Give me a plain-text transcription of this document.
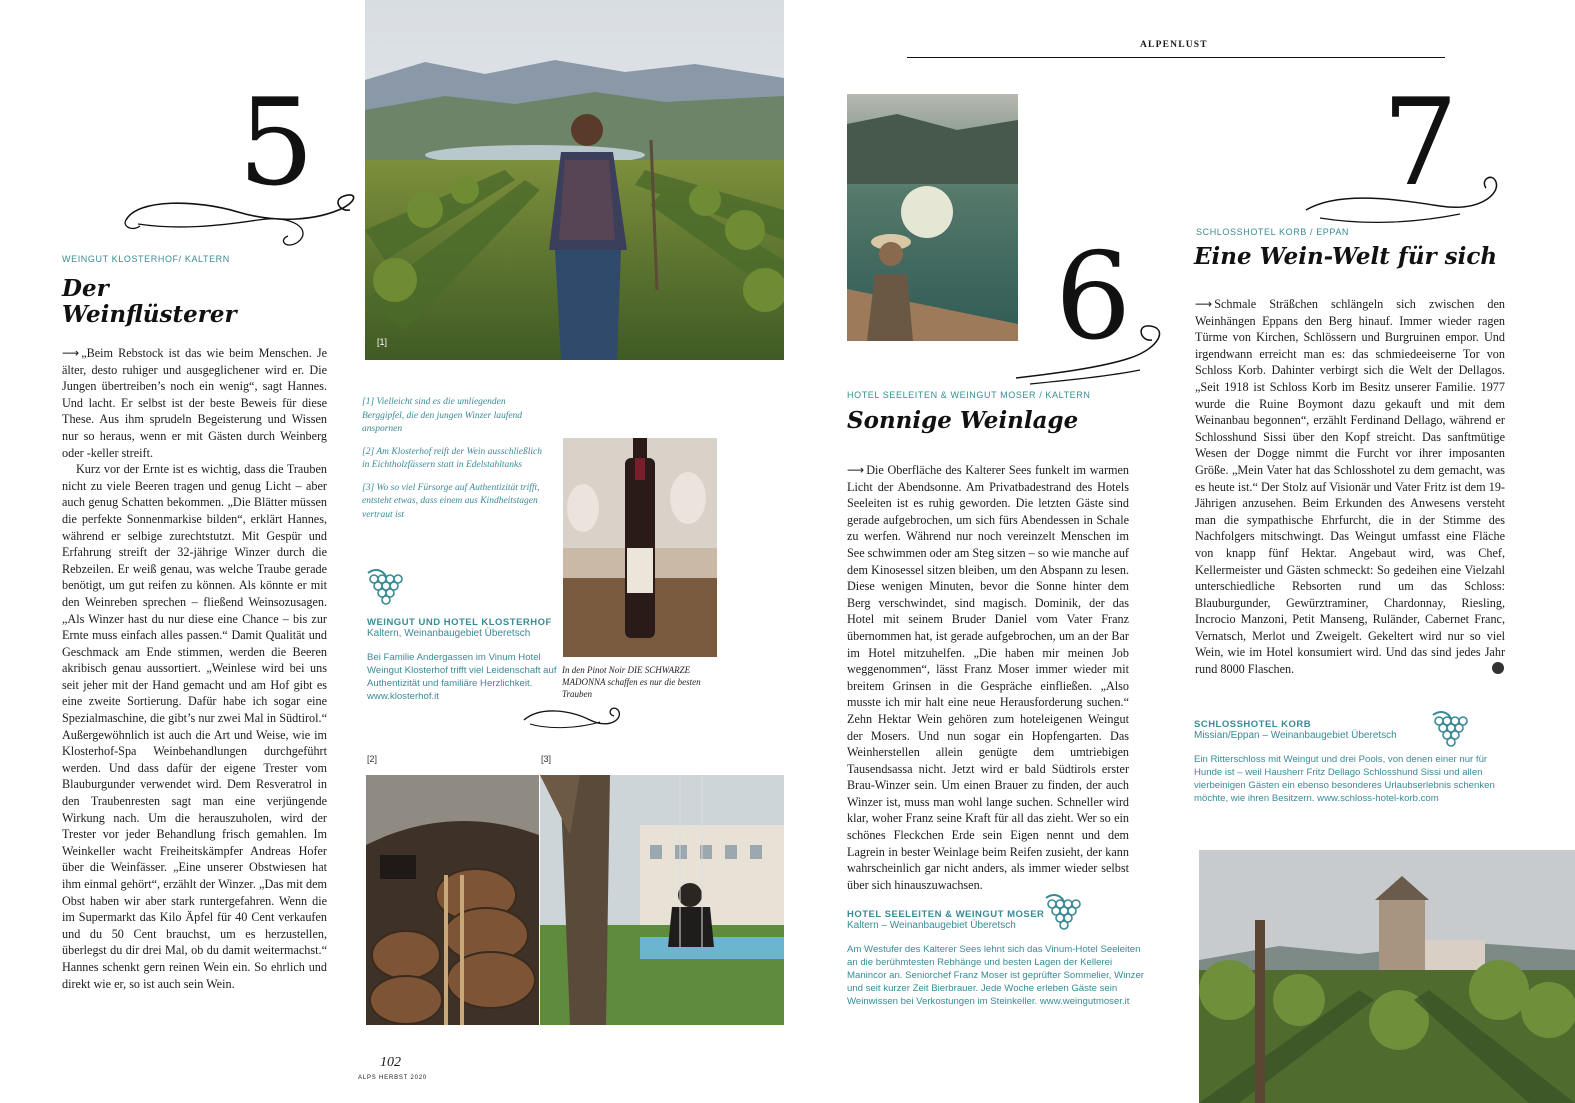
5
WEINGUT KLOSTERHOF/ KALTERN
Der
Weinflüsterer

⟶ „Beim Rebstock ist das wie beim Menschen. Je älter, desto ruhiger und ausgeglichener wird er. Die Jungen übertreiben’s noch ein wenig“, sagt Hannes. Und lacht. Er selbst ist der beste Beweis für diese These. Aus ihm sprudeln Begeisterung und Wissen nur so heraus, wenn er mit Gästen durch Weinberg oder -keller streift.

Kurz vor der Ernte ist es wichtig, dass die Trauben nicht zu viele Beeren tragen und genug Licht – aber auch genug Schatten bekommen. „Die Blätter müssen die perfekte Sonnenmarkise bilden“, erklärt Hannes, während er selbige zurechtstutzt. Mit Gespür und Erfahrung streift der 32-jährige Winzer durch die Rebzeilen. Er weiß genau, was welche Traube gerade benötigt, um gut reifen zu können. Als könnte er mit den Weinreben sprechen – fließend Weinsozusagen. „Als Winzer hast du nur diese eine Chance – bis zur Ernte muss einfach alles passen.“ Damit Qualität und Geschmack am Ende stimmen, werden die Beeren akribisch genau aussortiert. „Weinlese wird bei uns seit jeher mit der Hand gemacht und am Hof gibt es eine zweite Sortierung. Dafür habe ich sogar eine Spezialmaschine, die gibt’s nur zwei Mal in Südtirol.“ Außergewöhnlich ist auch die Art und Weise, wie im Klosterhof-Spa Weinbehandlungen durchgeführt werden. Und dass dafür der eigene Trester vom Blauburgunder verwendet wird. Dem Resveratrol in den Traubenresten sagt man eine verjüngende Wirkung nach. Um die herauszuholen, wird der Trester vor jeder Behandlung frisch gemahlen. Im Weinkeller wacht Freiheitskämpfer Andreas Hofer über die Weinfässer. „Eine unserer Obstwiesen hat ihm einmal gehört“, erzählt der Winzer. „Das mit dem Obst haben wir aber stark runtergefahren. Wenn die im Supermarkt das Kilo Äpfel für 40 Cent verkaufen und du 50 Cent brauchst, um es herzustellen, überlegst du dir drei Mal, ob du damit weitermachst.“ Hannes schenkt gern reinen Wein ein. So ehrlich und direkt wie er, so ist auch sein Wein.

[1]
[1] Vielleicht sind es die umliegenden Berggipfel, die den jungen Winzer laufend anspornen
[2] Am Klosterhof reift der Wein ausschließlich in Eichtholzfässern statt in Edelstahltanks
[3] Wo so viel Fürsorge auf Authentizität trifft, entsteht etwas, dass einem aus Kindheitstagen vertraut ist
WEINGUT UND HOTEL KLOSTERHOF
Kaltern, Weinanbaugebiet Überetsch
Bei Familie Andergassen im Vinum Hotel Weingut Klosterhof trifft viel Leidenschaft auf Authentizität und familiäre Herzlichkeit. www.klosterhof.it
In den Pinot Noir DIE SCHWARZE MADONNA schaffen es nur die besten Trauben
[2]	[3]
102
ALPS HERBST 2020
ALPENLUST
6
HOTEL SEELEITEN & WEINGUT MOSER / KALTERN
Sonnige Weinlage

⟶ Die Oberfläche des Kalterer Sees funkelt im warmen Licht der Abendsonne. Am Privatbadestrand des Hotels Seeleiten ist es ruhig geworden. Die letzten Gäste sind gerade aufgebrochen, um sich fürs Abendessen in Schale zu werfen. Während nur noch vereinzelt Menschen im See schwimmen oder am Steg sitzen – so wie manche auf dem Kinosessel sitzen bleiben, um den Abspann zu lesen. Diese wenigen Minuten, bevor die Sonne hinter dem Berg verschwindet, sind magisch. Dominik, der das Hotel mit seinem Bruder Daniel vom Vater Franz übernommen hat, ist gerade aufgebrochen, um an der Bar im Hotel mitzuhelfen. „Die haben mir meinen Job weggenommen“, lässt Franz Moser immer wieder mit breitem Grinsen in die Gespräche einfließen. „Also musste ich mir halt eine neue Herausforderung suchen.“ Zehn Hektar Wein gehören zum hoteleigenen Weingut der Mosers. Und nun sogar ein Hopfengarten. Das Weinherstellen allein genügte dem umtriebigen Tausendsassa nicht. Jetzt wird er bald Südtirols erster Brau-Winzer sein. Um einen Brauer zu finden, der auch Winzer ist, muss man wohl lange suchen. Schneller wird klar, woher Franz seine Kraft für all das zieht. Wer so ein schönes Fleckchen Erde sein Eigen nennt und dem Lagrein in bester Weinlage beim Reifen zusieht, der kann wahrscheinlich gar nicht anders, als immer wieder selbst über sich hinauszuwachsen.

HOTEL SEELEITEN & WEINGUT MOSER
Kaltern – Weinanbaugebiet Überetsch
Am Westufer des Kalterer Sees lehnt sich das Vinum-Hotel Seeleiten an die berühmtesten Rebhänge und besten Lagen der Kellerei Manincor an. Seniorchef Franz Moser ist geprüfter Sommelier, Winzer und seit kurzer Zeit Bierbrauer. Jede Woche erleben Gäste sein Weinwissen bei Verkostungen im Steinkeller. www.weingutmoser.it
7
SCHLOSSHOTEL KORB / EPPAN
Eine Wein-Welt für sich

⟶ Schmale Sträßchen schlängeln sich zwischen den Weinhängen Eppans den Berg hinauf. Immer wieder ragen Türme von Kirchen, Schlössern und Burgruinen empor. Und irgendwann erreicht man es: das schmiedeeiserne Tor von Schloss Korb. Dahinter verbirgt sich die Welt der Dellagos. „Seit 1918 ist Schloss Korb im Besitz unserer Familie. 1977 wurde die Ruine Boymont dazu gekauft und mit dem Weinanbau begonnen“, erzählt Ferdinand Dellago, während er Schlosshund Sissi über den Kopf streicht. Das sanftmütige Wesen der Dogge nimmt die Furcht vor ihrer imposanten Größe. „Mein Vater hat das Schlosshotel zu dem gemacht, was es heute ist.“ Der Stolz auf Visionär und Vater Fritz ist dem 19-Jährigen anzusehen. Beim Erkunden des Anwesens versteht man die sympathische Ehrfurcht, die in der Stimme des Nachfolgers mitschwingt. Das Weingut umfasst eine Fläche von knapp fünf Hektar. Angebaut wird, was Chef, Kellermeister und Gästen schmeckt: So gedeihen eine Vielzahl unterschiedliche Rebsorten rund um das Schloss: Blauburgunder, Gewürztraminer, Chardonnay, Riesling, Incrocio Manzoni, Petit Manseng, Ruländer, Cabernet Franc, Vernatsch, Merlot und Zweigelt. Gekeltert wird nur so viel Wein, wie im Hotel konsumiert wird. Und das sind jedes Jahr rund 8000 Flaschen.

SCHLOSSHOTEL KORB
Missian/Eppan – Weinanbaugebiet Überetsch
Ein Ritterschloss mit Weingut und drei Pools, von denen einer nur für Hunde ist – weil Hausherr Fritz Dellago Schlosshund Sissi und allen vierbeinigen Gästen ein ebenso besonderes Urlaubserlebnis schenken möchte, wie ihren Besitzern. www.schloss-hotel-korb.com
